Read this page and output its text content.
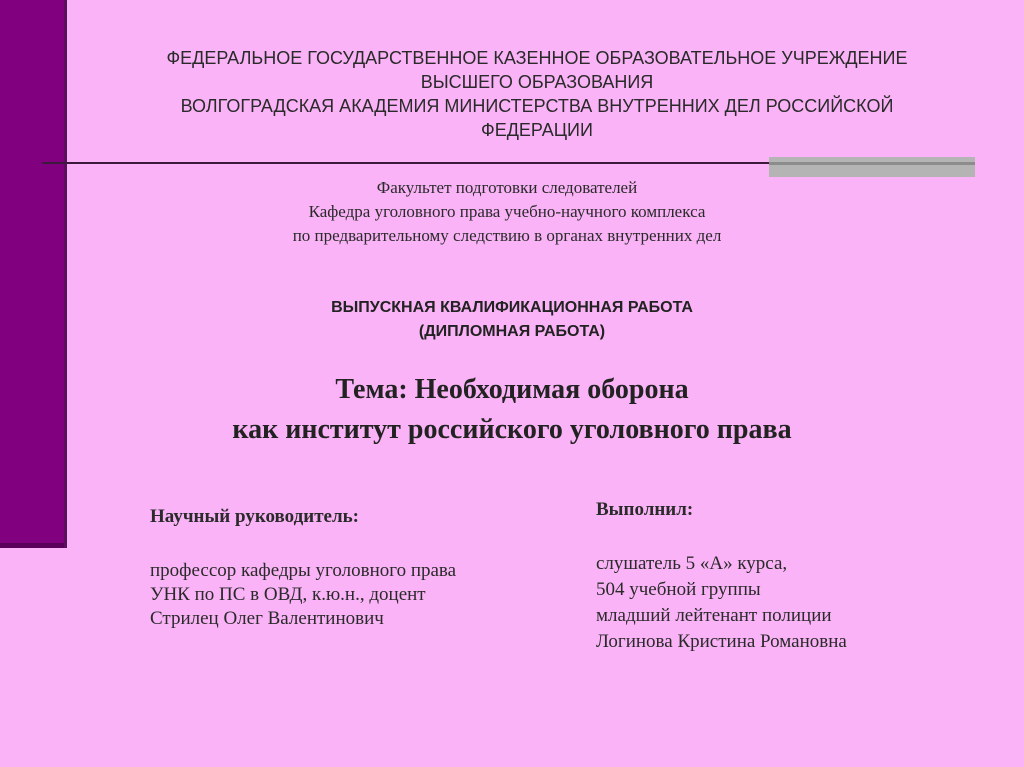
ФЕДЕРАЛЬНОЕ ГОСУДАРСТВЕННОЕ КАЗЕННОЕ ОБРАЗОВАТЕЛЬНОЕ УЧРЕЖДЕНИЕ
ВЫСШЕГО ОБРАЗОВАНИЯ
ВОЛГОГРАДСКАЯ АКАДЕМИЯ МИНИСТЕРСТВА ВНУТРЕННИХ ДЕЛ РОССИЙСКОЙ
ФЕДЕРАЦИИ
Факультет подготовки следователей
Кафедра уголовного права учебно-научного комплекса
по предварительному следствию в органах внутренних дел
ВЫПУСКНАЯ КВАЛИФИКАЦИОННАЯ РАБОТА
(ДИПЛОМНАЯ РАБОТА)
Тема: Необходимая оборона
как институт российского уголовного права
Научный руководитель:
профессор кафедры уголовного права
УНК по ПС в ОВД, к.ю.н., доцент
Стрилец Олег Валентинович
Выполнил:
слушатель 5 «А» курса,
504 учебной группы
младший лейтенант полиции
Логинова Кристина Романовна
